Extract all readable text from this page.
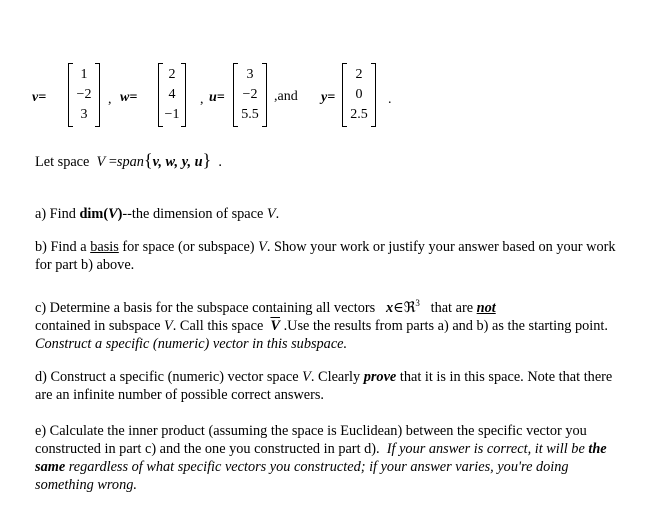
v=
1
−2
3
, w=
2
4
−1
, u=
3
−2
5.5
,and y=
2
0
2.5
.
Let space V =span{v, w, y, u} .
a) Find dim(V)--the dimension of space V.
b) Find a basis for space (or subspace) V. Show your work or justify your answer based on your work for part b) above.
c) Determine a basis for the subspace containing all vectors x∈ℜ$^3$ that are not
contained in subspace V. Call this space $\overline{V}$ .Use the results from parts a) and b) as the starting point. Construct a specific (numeric) vector in this subspace.
d) Construct a specific (numeric) vector space V. Clearly prove that it is in this space. Note that there are an infinite number of possible correct answers.
e) Calculate the inner product (assuming the space is Euclidean) between the specific vector you constructed in part c) and the one you constructed in part d). If your answer is correct, it will be the same regardless of what specific vectors you constructed; if your answer varies, you're doing something wrong.
